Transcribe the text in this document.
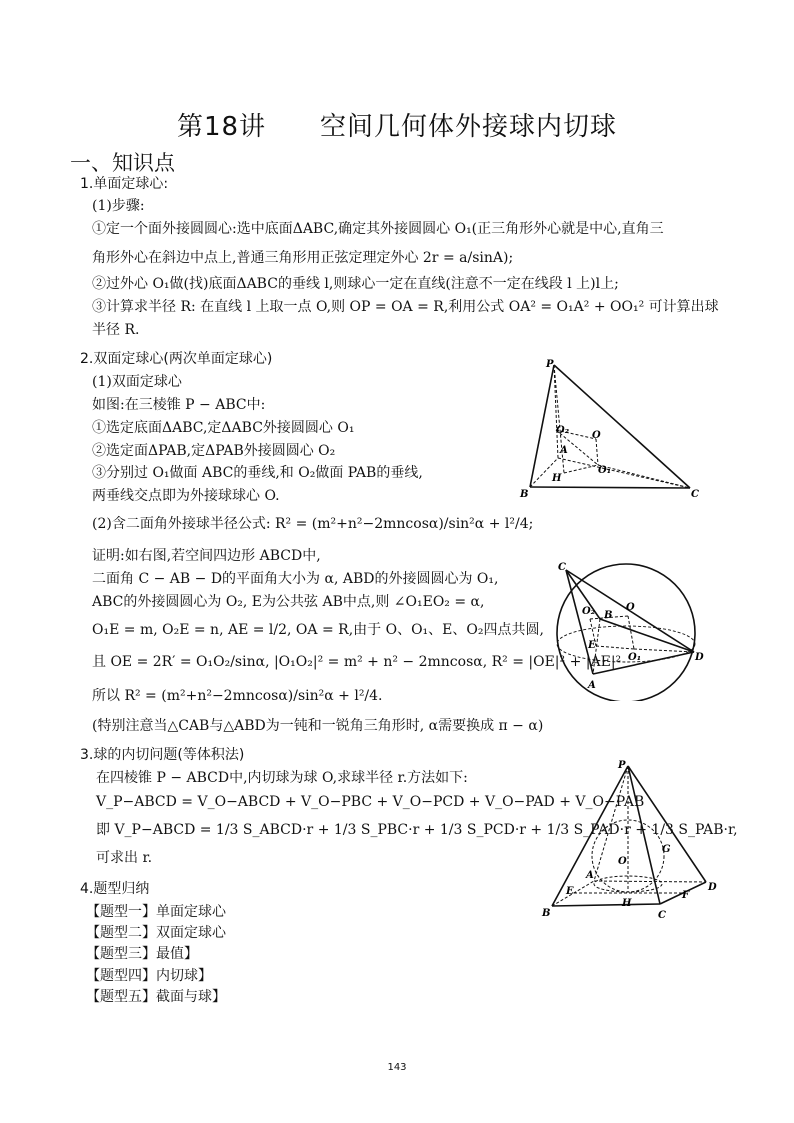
第18讲　　空间几何体外接球内切球
一、知识点
1.单面定球心:
(1)步骤:
①定一个面外接圆圆心:选中底面ΔABC,确定其外接圆圆心 O₁(正三角形外心就是中心,直角三
角形外心在斜边中点上,普通三角形用正弦定理定外心 2r = a/sinA);
②过外心 O₁做(找)底面ΔABC的垂线 l,则球心一定在直线(注意不一定在线段 l 上)l上;
③计算求半径 R: 在直线 l 上取一点 O,则 OP = OA = R,利用公式 OA² = O₁A² + OO₁² 可计算出球
半径 R.
2.双面定球心(两次单面定球心)
(1)双面定球心
如图:在三棱锥 P − ABC中:
①选定底面ΔABC,定ΔABC外接圆圆心 O₁
②选定面ΔPAB,定ΔPAB外接圆圆心 O₂
③分别过 O₁做面 ABC的垂线,和 O₂做面 PAB的垂线,
两垂线交点即为外接球球心 O.
(2)含二面角外接球半径公式: R² = (m²+n²−2mncosα)/sin²α + l²/4;
证明:如右图,若空间四边形 ABCD中,
二面角 C − AB − D的平面角大小为 α, ABD的外接圆圆心为 O₁,
ABC的外接圆圆心为 O₂, E为公共弦 AB中点,则 ∠O₁EO₂ = α,
O₁E = m, O₂E = n, AE = l/2, OA = R,由于 O、O₁、E、O₂四点共圆,
且 OE = 2R′ = O₁O₂/sinα, |O₁O₂|² = m² + n² − 2mncosα, R² = |OE|² + |AE|²
所以 R² = (m²+n²−2mncosα)/sin²α + l²/4.
(特别注意当△CAB与△ABD为一钝和一锐角三角形时, α需要换成 π − α)
3.球的内切问题(等体积法)
在四棱锥 P − ABCD中,内切球为球 O,求球半径 r.方法如下:
V_P−ABCD = V_O−ABCD + V_O−PBC + V_O−PCD + V_O−PAD + V_O−PAB
即 V_P−ABCD = 1/3 S_ABCD·r + 1/3 S_PBC·r + 1/3 S_PCD·r + 1/3 S_PAD·r + 1/3 S_PAB·r,
可求出 r.
4.题型归纳
【题型一】单面定球心
【题型二】双面定球心
【题型三】最值】
【题型四】内切球】
【题型五】截面与球】
P
O₂ O
A
O₁
H
B	C
C
O₂	O
B
E
O₁
A
D
P
G
O
A
E
H
F
B	C
D
143
